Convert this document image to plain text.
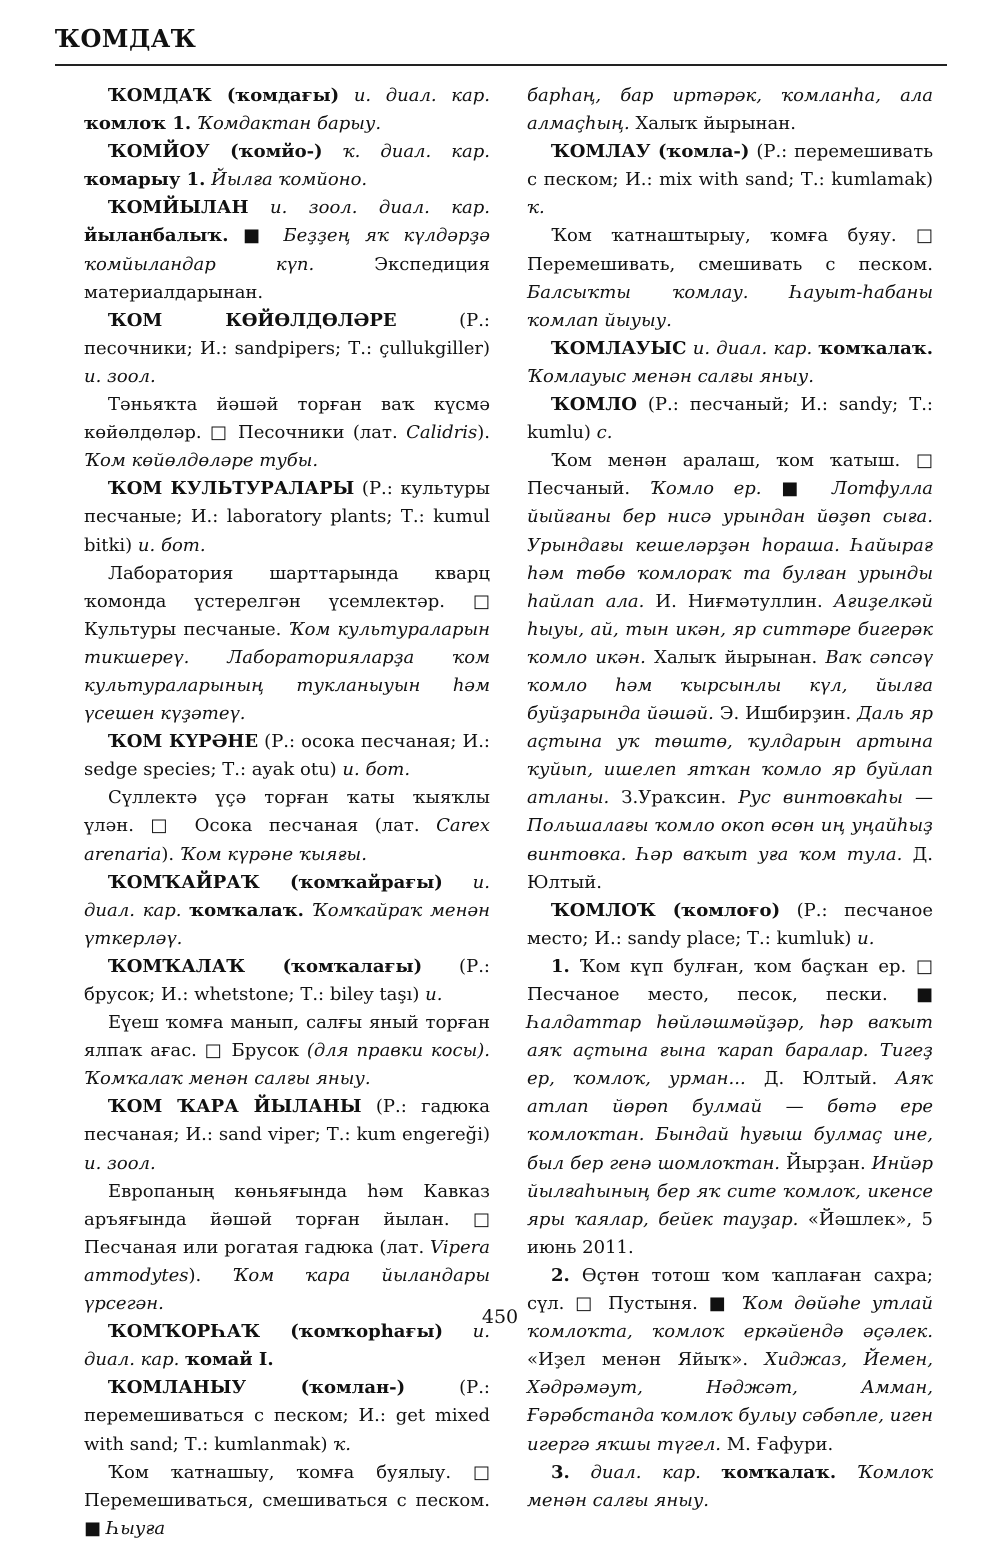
ҠОМДАҠ

ҠОМДАҠ (ҡомдағы) и. диал. кар. ҡомлоҡ 1. Ҡомдактан барыу.

ҠОМЙОУ (ҡомйо-) ҡ. диал. кар. ҡомарыу 1. Йылға ҡомйоно.

ҠОМЙЫЛАН и. зоол. диал. кар. йыланбалыҡ. ■ Беҙҙең яҡ күлдәрҙә ҡомйыландар күп. Экспедиция материалдарынан.

ҠОМ КӨЙӨЛДӨЛӘРЕ (Р.: песочники; И.: sandpipers; Т.: çullukgiller) и. зоол.

Тәньяҡта йәшәй торған ваҡ күсмә көйөлдөләр. □ Песочники (лат. Calidris). Ҡом көйөлдөләре тубы.

ҠОМ КУЛЬТУРАЛАРЫ (Р.: культуры песчаные; И.: laboratory plants; Т.: kumul bitki) и. бот.

Лаборатория шарттарында кварц ҡомонда үстерелгән үсемлектәр. □ Культуры песчаные. Ҡом культураларын тикшереү. Лабораторияларҙа ҡом культураларының тукланыуын һәм үсешен күҙәтеү.

ҠОМ КҮРӘНЕ (Р.: осока песчаная; И.: sedge species; Т.: ayak otu) и. бот.

Сүллектә үҫә торған ҡаты ҡыяҡлы үлән. □ Осока песчаная (лат. Carex arenaria). Ҡом күрәне ҡыяғы.

ҠОМҠАЙРАҠ (ҡомҡайрағы) и. диал. кар. ҡомҡалаҡ. Ҡомҡайраҡ менән үткерләү.

ҠОМҠАЛАҠ (ҡомҡалағы) (Р.: брусок; И.: whetstone; Т.: biley taşı) и.

Еүеш ҡомға манып, салғы яный торған ялпаҡ ағас. □ Брусок (для правки косы). Ҡомҡалаҡ менән салғы яныу.

ҠОМ ҠАРА ЙЫЛАНЫ (Р.: гадюка песчаная; И.: sand viper; Т.: kum engereği) и. зоол.

Европаның көньяғында һәм Кавказ аръяғында йәшәй торған йылан. □ Песчаная или рогатая гадюка (лат. Vipera ammodytes). Ҡом ҡара йыландары үрсегән.

ҠОМҠОРҺАҠ (ҡомҡорһағы) и. диал. кар. ҡомай I.

ҠОМЛАНЫУ (ҡомлан-) (Р.: перемешиваться с песком; И.: get mixed with sand; Т.: kumlanmak) ҡ.

Ҡом ҡатнашыу, ҡомға буялыу. □ Перемешиваться, смешиваться с песком. ■ Һыуға

барһаң, бар иртәрәк, ҡомланһа, ала алмаҫһың. Халыҡ йырынан.

ҠОМЛАУ (ҡомла-) (Р.: перемешивать с песком; И.: mix with sand; Т.: kumlamak) ҡ.

Ҡом ҡатнаштырыу, ҡомға буяу. □ Перемешивать, смешивать с песком. Балсыҡты ҡомлау. Һауыт-һабаны ҡомлап йыуыу.

ҠОМЛАУЫС и. диал. кар. ҡомҡалаҡ. Ҡомлауыс менән салғы яныу.

ҠОМЛО (Р.: песчаный; И.: sandy; Т.: kumlu) с.

Ҡом менән аралаш, ҡом ҡатыш. □ Песчаный. Ҡомло ер. ■ Лотфулла йыйғаны бер нисә урындан йөҙөп сыға. Урындағы кешеләрҙән һораша. Һайырағ һәм төбө ҡомлораҡ та булған урынды һайлап ала. И. Ниғмәтуллин. Ағиҙелкәй һыуы, ай, тын икән, яр ситтәре бигерәк ҡомло икән. Халыҡ йырынан. Ваҡ сәпсәү ҡомло һәм ҡырсынлы күл, йылға буйҙарында йәшәй. Э. Ишбирҙин. Даль яр аҫтына уҡ төштө, ҡулдарын артына ҡуйып, ишелеп ятҡан ҡомло яр буйлап атланы. З.Ураҡсин. Рус винтовкаһы — Польшалағы ҡомло окоп өсөн иң уңайһыҙ винтовка. Һәр ваҡыт уға ҡом тула. Д. Юлтый.

ҠОМЛОҠ (ҡомлоғо) (Р.: песчаное место; И.: sandy place; Т.: kumluk) и.

1. Ҡом күп булған, ҡом баҫҡан ер. □ Песчаное место, песок, пески. ■ Һалдаттар һөйләшмәйҙәр, һәр ваҡыт аяҡ аҫтына ғына ҡарап баралар. Тигеҙ ер, ҡомлоҡ, урман... Д. Юлтый. Аяҡ атлап йөрөп булмай — бөтә ере ҡомлоҡтан. Бындай һуғыш булмаҫ ине, был бер генә шомлоҡтан. Йырҙан. Инйәр йылғаһының бер яҡ сите ҡомлоҡ, икенсе яры ҡаялар, бейек тауҙар. «Йәшлек», 5 июнь 2011.

2. Өҫтөн тотош ҡом ҡаплаған сахра; сүл. □ Пустыня. ■ Ҡом дөйәһе утлай ҡомлоҡта, ҡомлоҡ еркәйендә әҫәлек. «Иҙел менән Яйыҡ». Хиджаз, Йемен, Хәдрәмәут, Нәджәт, Амман, Ғәрәбстанда ҡомлоҡ булыу сәбәпле, иген игергә яҡшы түгел. М. Ғафури.

3. диал. кар. ҡомҡалаҡ. Ҡомлоҡ менән салғы яныу.

450
